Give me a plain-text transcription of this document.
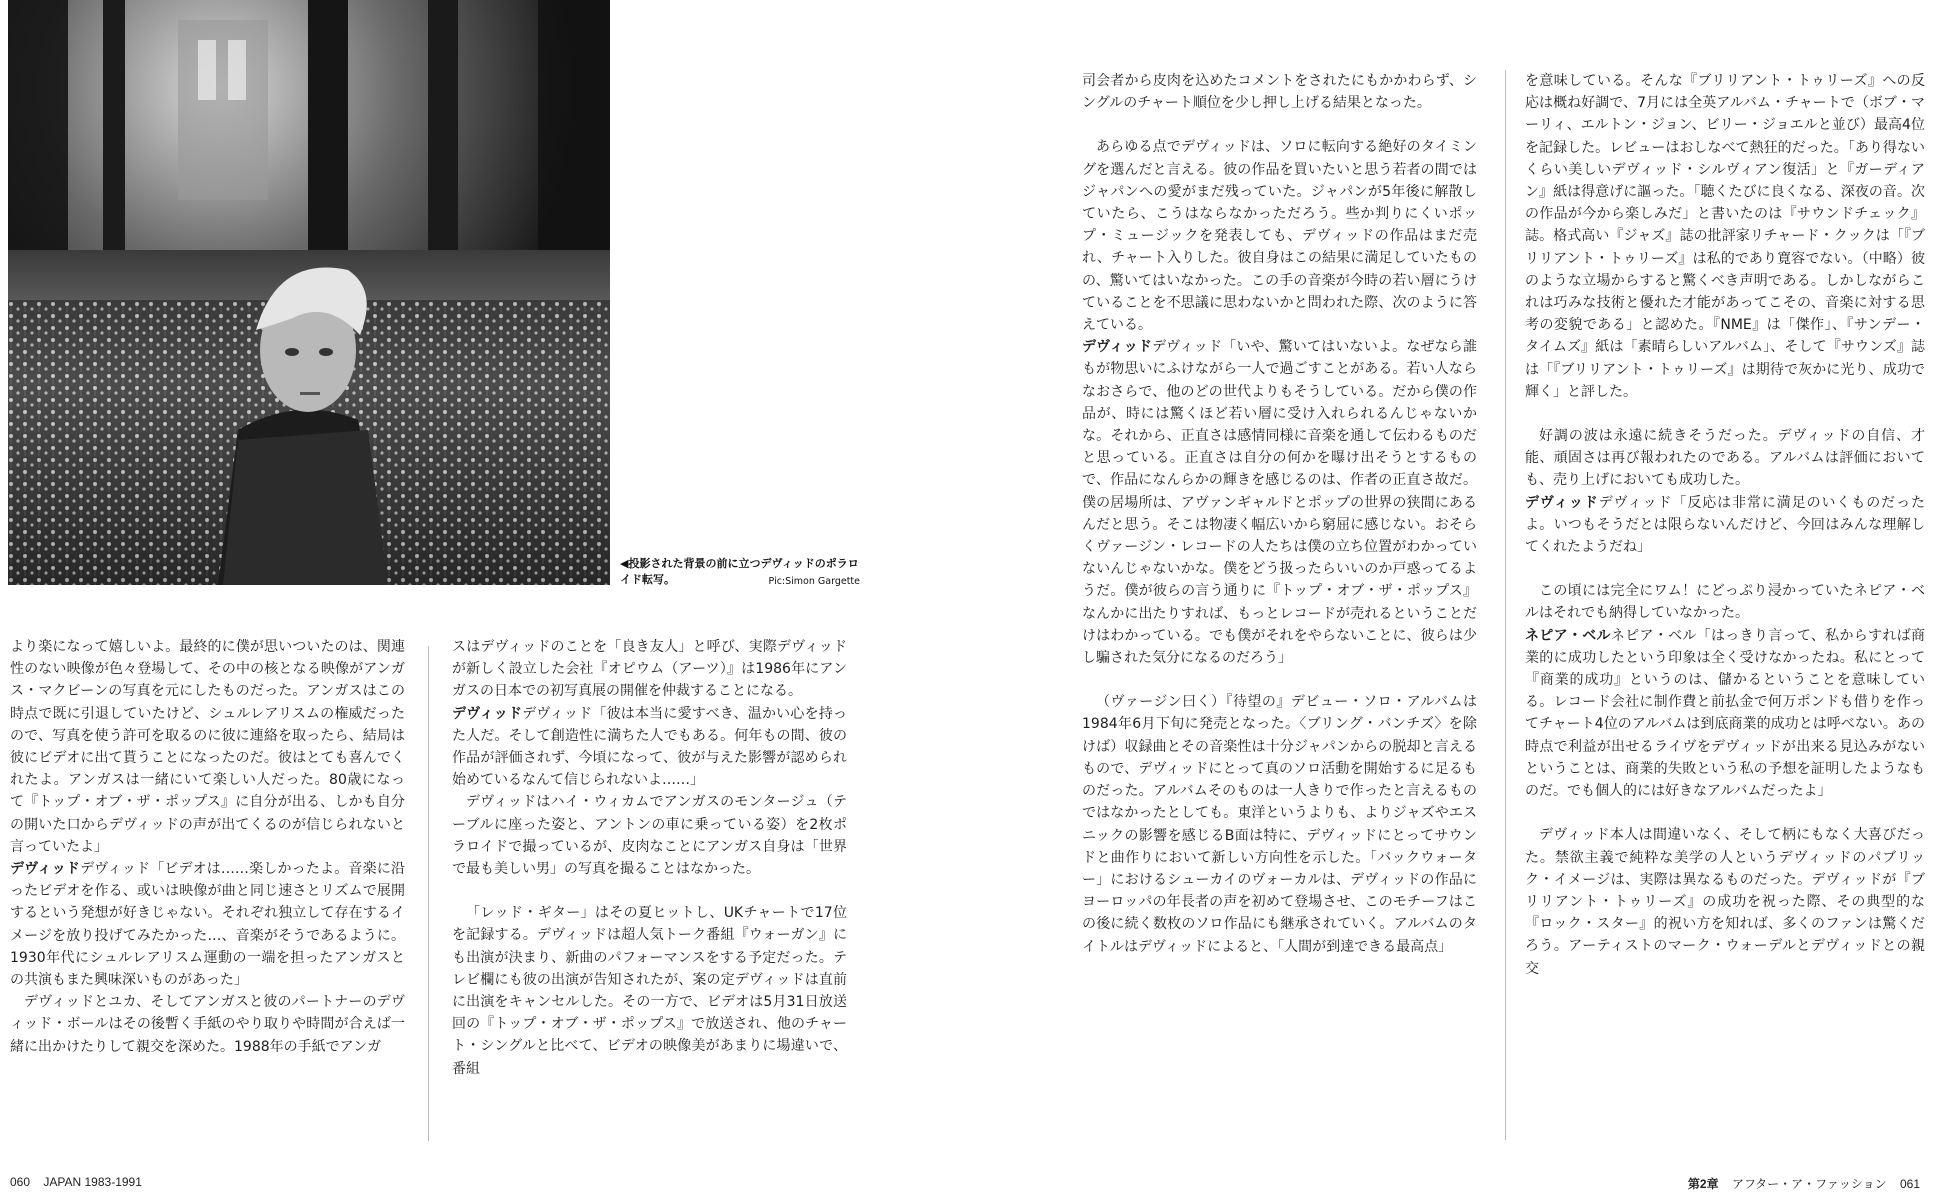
◀投影された背景の前に立つデヴィッドのポラロイド転写。	Pic:Simon Gargette

より楽になって嬉しいよ。最終的に僕が思いついたのは、関連性のない映像が色々登場して、その中の核となる映像がアンガス・マクビーンの写真を元にしたものだった。アンガスはこの時点で既に引退していたけど、シュルレアリスムの権威だったので、写真を使う許可を取るのに彼に連絡を取ったら、結局は彼にビデオに出て貰うことになったのだ。彼はとても喜んでくれたよ。アンガスは一緒にいて楽しい人だった。80歳になって『トップ・オブ・ザ・ポップス』に自分が出る、しかも自分の開いた口からデヴィッドの声が出てくるのが信じられないと言っていたよ」

デヴィッドデヴィッド「ビデオは……楽しかったよ。音楽に沿ったビデオを作る、或いは映像が曲と同じ速さとリズムで展開するという発想が好きじゃない。それぞれ独立して存在するイメージを放り投げてみたかった…、音楽がそうであるように。1930年代にシュルレアリスム運動の一端を担ったアンガスとの共演もまた興味深いものがあった」

デヴィッドとユカ、そしてアンガスと彼のパートナーのデヴィッド・ボールはその後暫く手紙のやり取りや時間が合えば一緒に出かけたりして親交を深めた。1988年の手紙でアンガ

スはデヴィッドのことを「良き友人」と呼び、実際デヴィッドが新しく設立した会社『オピウム（アーツ）』は1986年にアンガスの日本での初写真展の開催を仲裁することになる。

デヴィッドデヴィッド「彼は本当に愛すべき、温かい心を持った人だ。そして創造性に満ちた人でもある。何年もの間、彼の作品が評価されず、今頃になって、彼が与えた影響が認められ始めているなんて信じられないよ……」

デヴィッドはハイ・ウィカムでアンガスのモンタージュ（テーブルに座った姿と、アントンの車に乗っている姿）を2枚ポラロイドで撮っているが、皮肉なことにアンガス自身は「世界で最も美しい男」の写真を撮ることはなかった。

「レッド・ギター」はその夏ヒットし、UKチャートで17位を記録する。デヴィッドは超人気トーク番組『ウォーガン』にも出演が決まり、新曲のパフォーマンスをする予定だった。テレビ欄にも彼の出演が告知されたが、案の定デヴィッドは直前に出演をキャンセルした。その一方で、ビデオは5月31日放送回の『トップ・オブ・ザ・ポップス』で放送され、他のチャート・シングルと比べて、ビデオの映像美があまりに場違いで、番組

060 JAPAN 1983-1991

司会者から皮肉を込めたコメントをされたにもかかわらず、シングルのチャート順位を少し押し上げる結果となった。

あらゆる点でデヴィッドは、ソロに転向する絶好のタイミングを選んだと言える。彼の作品を買いたいと思う若者の間ではジャパンへの愛がまだ残っていた。ジャパンが5年後に解散していたら、こうはならなかっただろう。些か判りにくいポップ・ミュージックを発表しても、デヴィッドの作品はまだ売れ、チャート入りした。彼自身はこの結果に満足していたものの、驚いてはいなかった。この手の音楽が今時の若い層にうけていることを不思議に思わないかと問われた際、次のように答えている。

デヴィッドデヴィッド「いや、驚いてはいないよ。なぜなら誰もが物思いにふけながら一人で過ごすことがある。若い人ならなおさらで、他のどの世代よりもそうしている。だから僕の作品が、時には驚くほど若い層に受け入れられるんじゃないかな。それから、正直さは感情同様に音楽を通して伝わるものだと思っている。正直さは自分の何かを曝け出そうとするもので、作品になんらかの輝きを感じるのは、作者の正直さ故だ。僕の居場所は、アヴァンギャルドとポップの世界の狭間にあるんだと思う。そこは物凄く幅広いから窮屈に感じない。おそらくヴァージン・レコードの人たちは僕の立ち位置がわかっていないんじゃないかな。僕をどう扱ったらいいのか戸惑ってるようだ。僕が彼らの言う通りに『トップ・オブ・ザ・ポップス』なんかに出たりすれば、もっとレコードが売れるということだけはわかっている。でも僕がそれをやらないことに、彼らは少し騙された気分になるのだろう」

（ヴァージン曰く）『待望の』デビュー・ソロ・アルバムは1984年6月下旬に発売となった。〈ブリング・バンチズ〉を除けば）収録曲とその音楽性は十分ジャパンからの脱却と言えるもので、デヴィッドにとって真のソロ活動を開始するに足るものだった。アルバムそのものは一人きりで作ったと言えるものではなかったとしても。東洋というよりも、よりジャズやエスニックの影響を感じるB面は特に、デヴィッドにとってサウンドと曲作りにおいて新しい方向性を示した。「バックウォーター」におけるシューカイのヴォーカルは、デヴィッドの作品にヨーロッパの年長者の声を初めて登場させ、このモチーフはこの後に続く数枚のソロ作品にも継承されていく。アルバムのタイトルはデヴィッドによると、「人間が到達できる最高点」

を意味している。そんな『ブリリアント・トゥリーズ』への反応は概ね好調で、7月には全英アルバム・チャートで（ボブ・マーリィ、エルトン・ジョン、ビリー・ジョエルと並び）最高4位を記録した。レビューはおしなべて熱狂的だった。「あり得ないくらい美しいデヴィッド・シルヴィアン復活」と『ガーディアン』紙は得意げに謳った。「聴くたびに良くなる、深夜の音。次の作品が今から楽しみだ」と書いたのは『サウンドチェック』誌。格式高い『ジャズ』誌の批評家リチャード・クックは「『ブリリアント・トゥリーズ』は私的であり寛容でない。（中略）彼のような立場からすると驚くべき声明である。しかしながらこれは巧みな技術と優れた才能があってこその、音楽に対する思考の変貌である」と認めた。『NME』は「傑作」、『サンデー・タイムズ』紙は「素晴らしいアルバム」、そして『サウンズ』誌は「『ブリリアント・トゥリーズ』は期待で灰かに光り、成功で輝く」と評した。

好調の波は永遠に続きそうだった。デヴィッドの自信、才能、頑固さは再び報われたのである。アルバムは評価においても、売り上げにおいても成功した。

デヴィッドデヴィッド「反応は非常に満足のいくものだったよ。いつもそうだとは限らないんだけど、今回はみんな理解してくれたようだね」

この頃には完全にワム！にどっぷり浸かっていたネピア・ベルはそれでも納得していなかった。

ネピア・ベルネピア・ベル「はっきり言って、私からすれば商業的に成功したという印象は全く受けなかったね。私にとって『商業的成功』というのは、儲かるということを意味している。レコード会社に制作費と前払金で何万ポンドも借りを作ってチャート4位のアルバムは到底商業的成功とは呼べない。あの時点で利益が出せるライヴをデヴィッドが出来る見込みがないということは、商業的失敗という私の予想を証明したようなものだ。でも個人的には好きなアルバムだったよ」

デヴィッド本人は間違いなく、そして柄にもなく大喜びだった。禁欲主義で純粋な美学の人というデヴィッドのパブリック・イメージは、実際は異なるものだった。デヴィッドが『ブリリアント・トゥリーズ』の成功を祝った際、その典型的な『ロック・スター』的祝い方を知れば、多くのファンは驚くだろう。アーティストのマーク・ウォーデルとデヴィッドとの親交

第2章 アフター・ア・ファッション 061
